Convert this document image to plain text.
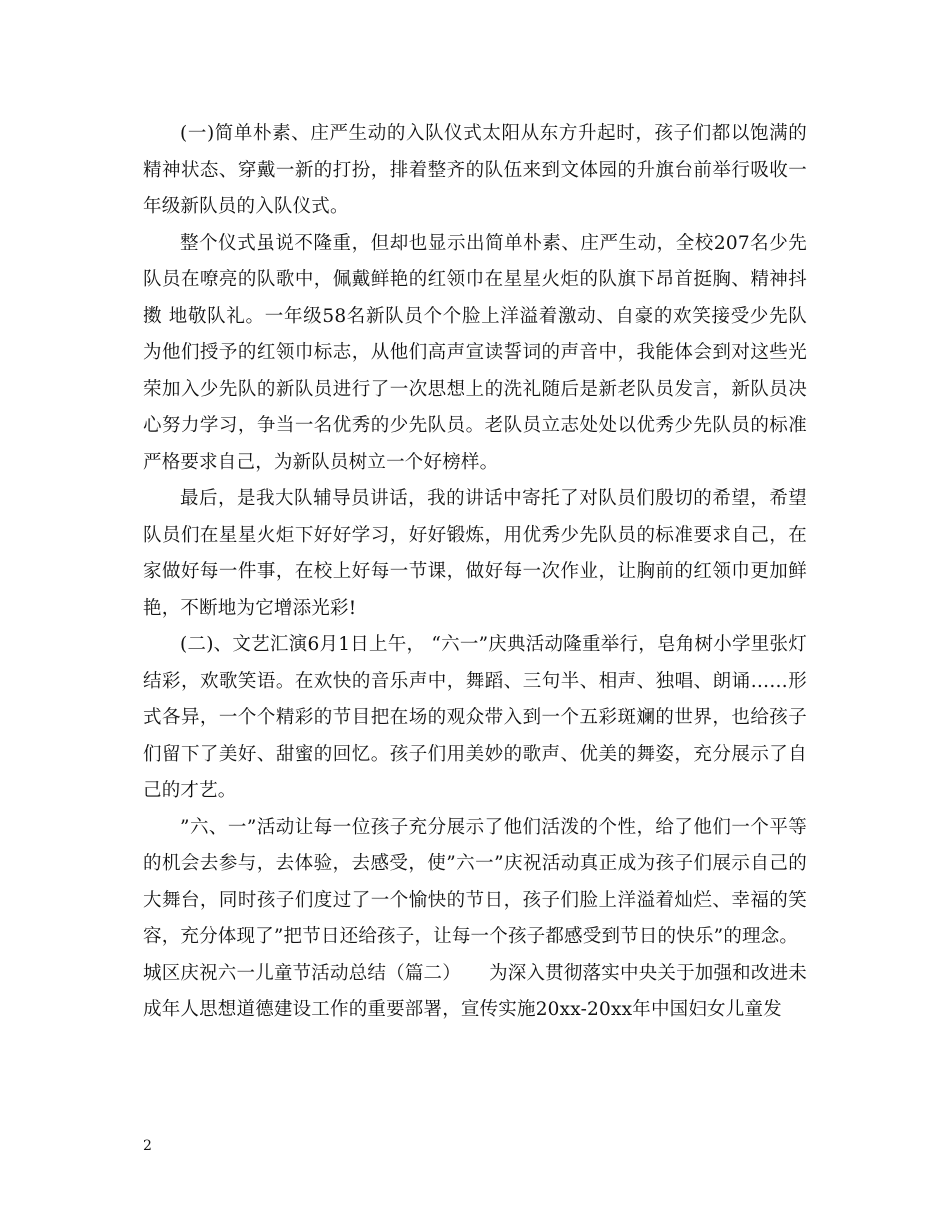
(一)简单朴素、庄严生动的入队仪式太阳从东方升起时，孩子们都以饱满的精神状态、穿戴一新的打扮，排着整齐的队伍来到文体园的升旗台前举行吸收一年级新队员的入队仪式。

整个仪式虽说不隆重，但却也显示出简单朴素、庄严生动，全校207名少先队员在嘹亮的队歌中，佩戴鲜艳的红领巾在星星火炬的队旗下昂首挺胸、精神抖擞 地敬队礼。一年级58名新队员个个脸上洋溢着激动、自豪的欢笑接受少先队为他们授予的红领巾标志，从他们高声宣读誓词的声音中，我能体会到对这些光荣加入少先队的新队员进行了一次思想上的洗礼随后是新老队员发言，新队员决心努力学习，争当一名优秀的少先队员。老队员立志处处以优秀少先队员的标准严格要求自己，为新队员树立一个好榜样。

最后，是我大队辅导员讲话，我的讲话中寄托了对队员们殷切的希望，希望队员们在星星火炬下好好学习，好好锻炼，用优秀少先队员的标准要求自己，在家做好每一件事，在校上好每一节课，做好每一次作业，让胸前的红领巾更加鲜艳，不断地为它增添光彩!

(二)、文艺汇演6月1日上午， “六一”庆典活动隆重举行，皂角树小学里张灯结彩，欢歌笑语。在欢快的音乐声中，舞蹈、三句半、相声、独唱、朗诵……形式各异，一个个精彩的节目把在场的观众带入到一个五彩斑斓的世界，也给孩子们留下了美好、甜蜜的回忆。孩子们用美妙的歌声、优美的舞姿，充分展示了自己的才艺。

”六、一”活动让每一位孩子充分展示了他们活泼的个性，给了他们一个平等的机会去参与，去体验，去感受，使”六一”庆祝活动真正成为孩子们展示自己的大舞台，同时孩子们度过了一个愉快的节日，孩子们脸上洋溢着灿烂、幸福的笑容，充分体现了”把节日还给孩子，让每一个孩子都感受到节日的快乐”的理念。

城区庆祝六一儿童节活动总结（篇二）　　为深入贯彻落实中央关于加强和改进未成年人思想道德建设工作的重要部署，宣传实施20xx-20xx年中国妇女儿童发

2
